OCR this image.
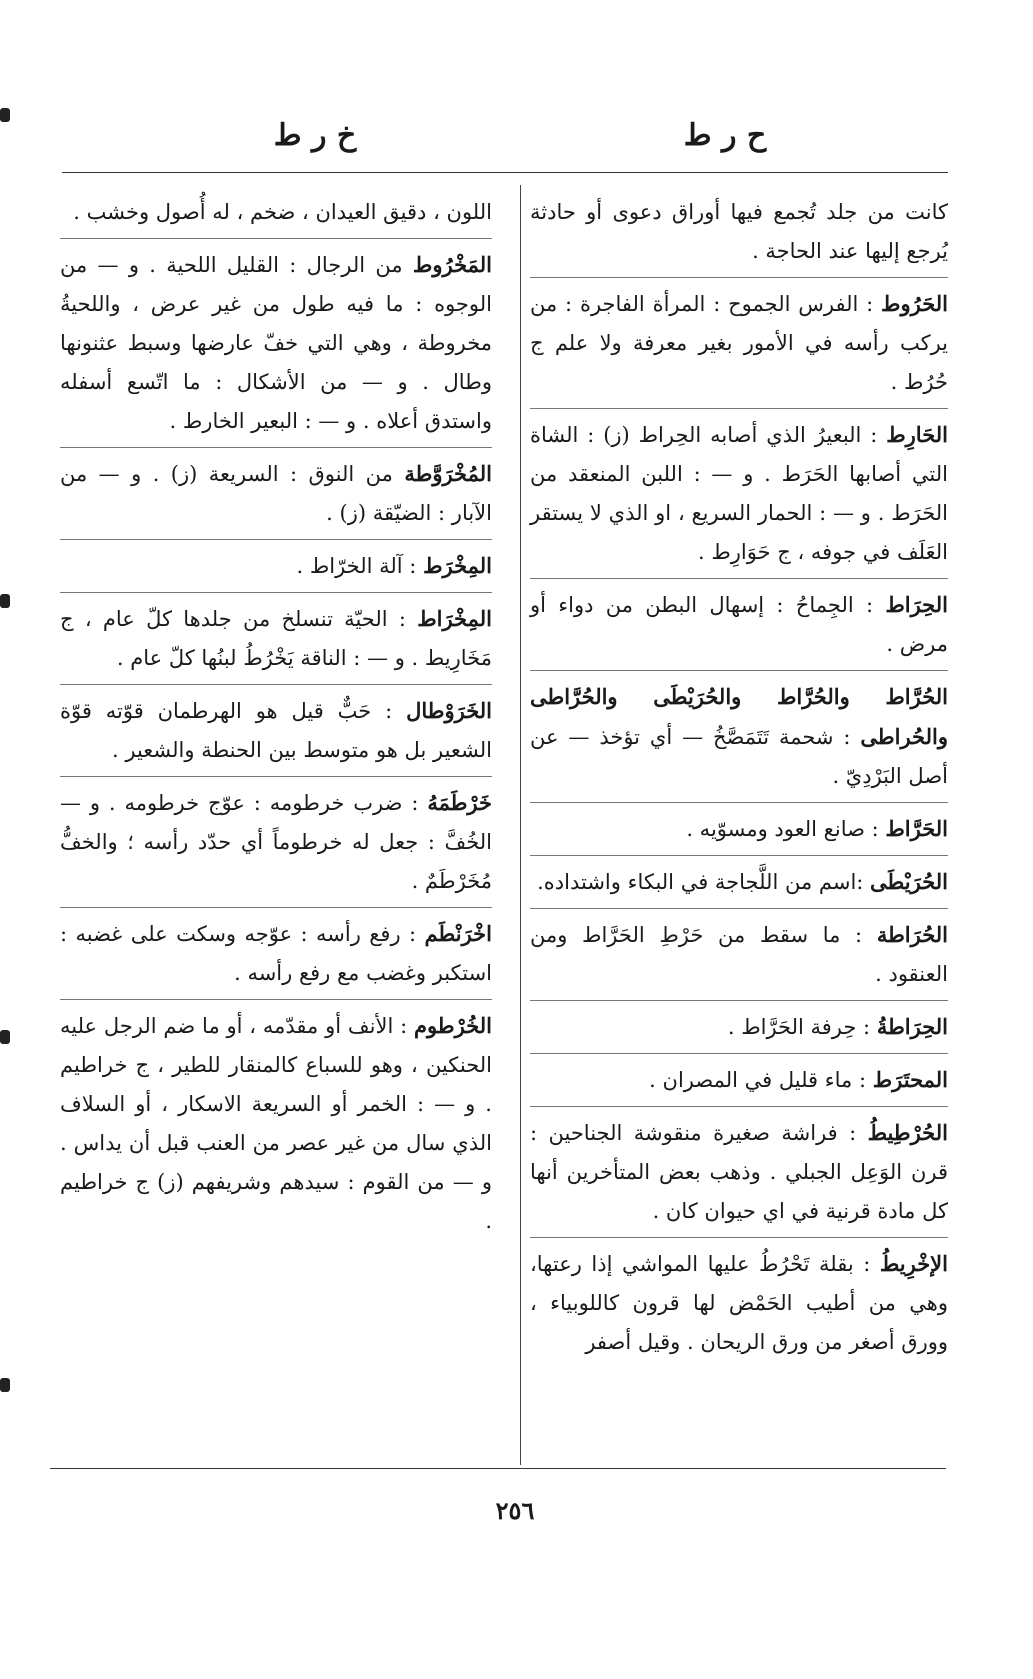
ح ر ط
خ ر ط
كانت من جلد تُجمع فيها أوراق دعوى أو حادثة يُرجع إليها عند الحاجة .
الحَرُوط : الفرس الجموح : المرأة الفاجرة : من يركب رأسه في الأمور بغير معرفة ولا علم ج حُرُط .
الحَارِط : البعيرُ الذي أصابه الحِراط (ز) : الشاة التي أصابها الحَرَط . و — : اللبن المنعقد من الحَرَط . و — : الحمار السريع ، او الذي لا يستقر العَلَف في جوفه ، ج حَوَارِط .
الحِرَاط : الجِماحُ : إسهال البطن من دواء أو مرض .
الحُرَّاط والحُرَّاط والحُرَيْطَى والحُرَّاطى والحُراطى : شحمة تَتَمَصَّخُ — أي تؤخذ — عن أصل البَرْدِيّ .
الحَرَّاط : صانع العود ومسوّيه .
الحُرَيْطَى :اسم من اللَّجاجة في البكاء واشتداده.
الحُرَاطة : ما سقط من حَرْطِ الحَرَّاط ومن العنقود .
الحِرَاطةُ : حِرفة الحَرَّاط .
المحتَرَط : ماء قليل في المصران .
الحُرْطِيطُ : فراشة صغيرة منقوشة الجناحين : قرن الوَعِل الجبلي . وذهب بعض المتأخرين أنها كل مادة قرنية في اي حيوان كان .
الإخْرِيطُ : بقلة تَحْرُطُ عليها المواشي إذا رعتها، وهي من أطيب الحَمْض لها قرون كاللوبياء ، وورق أصغر من ورق الريحان . وقيل أصفر
اللون ، دقيق العيدان ، ضخم ، له أُصول وخشب .
المَخْرُوط من الرجال : القليل اللحية . و — من الوجوه : ما فيه طول من غير عرض ، واللحيةُ مخروطة ، وهي التي خفّ عارضها وسبط عثنونها وطال . و — من الأشكال : ما اتّسع أسفله واستدق أعلاه . و — : البعير الخارط .
المُخْرَوَّطة من النوق : السريعة (ز) . و — من الآبار : الضيّقة (ز) .
المِخْرَط : آلة الخرّاط .
المِخْرَاط : الحيّة تنسلخ من جلدها كلّ عام ، ج مَخَارِيط . و — : الناقة يَخْرُطُ لبنُها كلّ عام .
الخَرَوْطال : حَبٌّ قيل هو الهرطمان قوّته قوّة الشعير بل هو متوسط بين الحنطة والشعير .
خَرْطَمَهُ : ضرب خرطومه : عوّج خرطومه . و — الخُفَّ : جعل له خرطوماً أي حدّد رأسه ؛ والخفُّ مُخَرْطَمٌ .
اخْرَنْطَم : رفع رأسه : عوّجه وسكت على غضبه : استكبر وغضب مع رفع رأسه .
الخُرْطوم : الأنف أو مقدّمه ، أو ما ضم الرجل عليه الحنكين ، وهو للسباع كالمنقار للطير ، ج خراطيم . و — : الخمر أو السريعة الاسكار ، أو السلاف الذي سال من غير عصر من العنب قبل أن يداس . و — من القوم : سيدهم وشريفهم (ز) ج خراطيم .
٢٥٦
